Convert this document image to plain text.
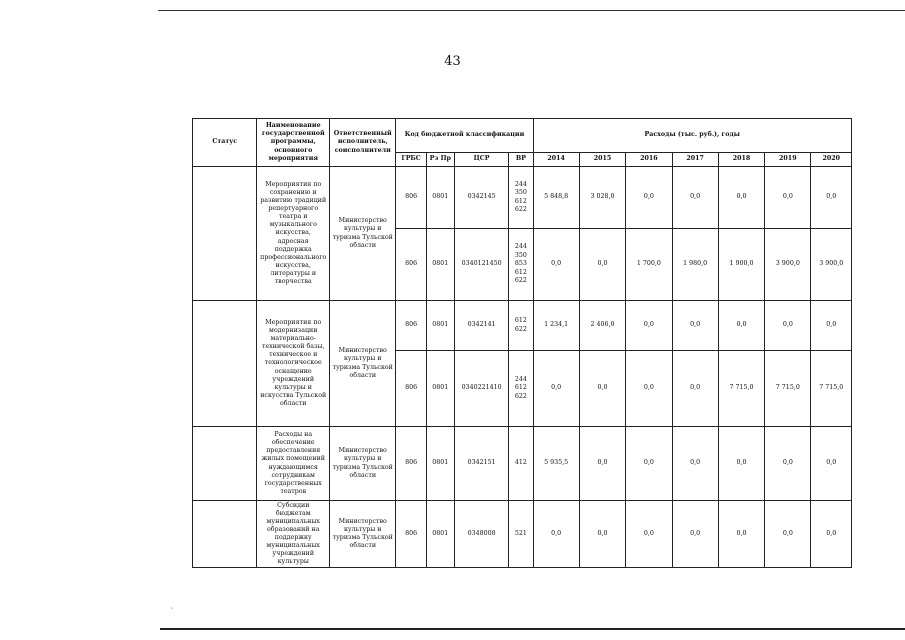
43
Статус	Наименование государственной программы, основного мероприятия	Ответственный исполнитель, соисполнители	Код бюджетной классификации				Расходы (тыс. руб.), годы						
			ГРБС	Рз Пр	ЦСР	ВР	2014	2015	2016	2017	2018	2019	2020
	Мероприятия по сохранению и развитию традиций репертуарного театра и музыкального искусства, адресная поддержка профессионального искусства, литературы и творчества	Министерство культуры и туризма Тульской области	806	0801	0342145	244
350
612
622	5 848,8	3 028,0	0,0	0,0	0,0	0,0	0,0
			806	0801	0340121450	244
350
853
612
622	0,0	0,0	1 700,0	1 980,0	1 900,0	3 900,0	3 900,0
	Мероприятия по модернизации материально-технической базы, техническое и технологическое оснащение учреждений культуры и искусства Тульской области	Министерство культуры и туризма Тульской области	806	0801	0342141	612
622	1 234,1	2 406,0	0,0	0,0	0,0	0,0	0,0
			806	0801	0340221410	244
612
622	0,0	0,0	0,0	0,0	7 715,0	7 715,0	7 715,0
	Расходы на обеспечение предоставления жилых помещений нуждающимся сотрудникам государственных театров	Министерство культуры и туризма Тульской области	806	0801	0342151	412	5 935,5	0,0	0,0	0,0	0,0	0,0	0,0
	Субсидии бюджетам муниципальных образований на поддержку муниципальных учреждений культуры	Министерство культуры и туризма Тульской области	806	0801	0348008	521	0,0	0,0	0,0	0,0	0,0	0,0	0,0
`
